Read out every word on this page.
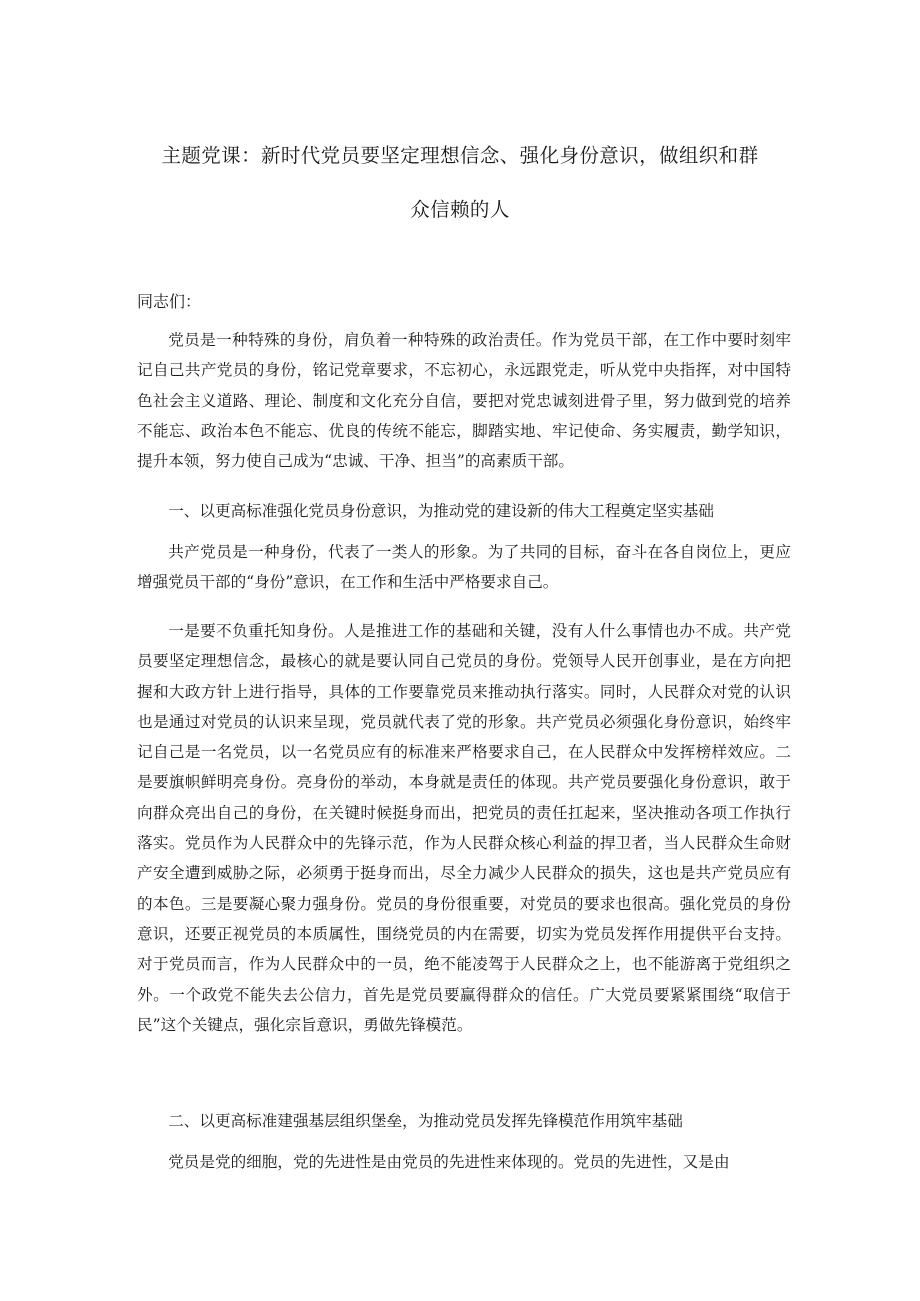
主题党课：新时代党员要坚定理想信念、强化身份意识，做组织和群
众信赖的人
同志们：
党员是一种特殊的身份，肩负着一种特殊的政治责任。作为党员干部，在工作中要时刻牢记自己共产党员的身份，铭记党章要求，不忘初心，永远跟党走，听从党中央指挥，对中国特色社会主义道路、理论、制度和文化充分自信，要把对党忠诚刻进骨子里，努力做到党的培养不能忘、政治本色不能忘、优良的传统不能忘，脚踏实地、牢记使命、务实履责，勤学知识，提升本领，努力使自己成为“忠诚、干净、担当”的高素质干部。
一、以更高标准强化党员身份意识，为推动党的建设新的伟大工程奠定坚实基础
共产党员是一种身份，代表了一类人的形象。为了共同的目标，奋斗在各自岗位上，更应增强党员干部的“身份”意识，在工作和生活中严格要求自己。
一是要不负重托知身份。人是推进工作的基础和关键，没有人什么事情也办不成。共产党员要坚定理想信念，最核心的就是要认同自己党员的身份。党领导人民开创事业，是在方向把握和大政方针上进行指导，具体的工作要靠党员来推动执行落实。同时，人民群众对党的认识也是通过对党员的认识来呈现，党员就代表了党的形象。共产党员必须强化身份意识，始终牢记自己是一名党员，以一名党员应有的标准来严格要求自己，在人民群众中发挥榜样效应。二是要旗帜鲜明亮身份。亮身份的举动，本身就是责任的体现。共产党员要强化身份意识，敢于向群众亮出自己的身份，在关键时候挺身而出，把党员的责任扛起来，坚决推动各项工作执行落实。党员作为人民群众中的先锋示范，作为人民群众核心利益的捍卫者，当人民群众生命财产安全遭到威胁之际，必须勇于挺身而出，尽全力减少人民群众的损失，这也是共产党员应有的本色。三是要凝心聚力强身份。党员的身份很重要，对党员的要求也很高。强化党员的身份意识，还要正视党员的本质属性，围绕党员的内在需要，切实为党员发挥作用提供平台支持。对于党员而言，作为人民群众中的一员，绝不能凌驾于人民群众之上，也不能游离于党组织之外。一个政党不能失去公信力，首先是党员要赢得群众的信任。广大党员要紧紧围绕“取信于民”这个关键点，强化宗旨意识，勇做先锋模范。
二、以更高标准建强基层组织堡垒，为推动党员发挥先锋模范作用筑牢基础
党员是党的细胞，党的先进性是由党员的先进性来体现的。党员的先进性，又是由
